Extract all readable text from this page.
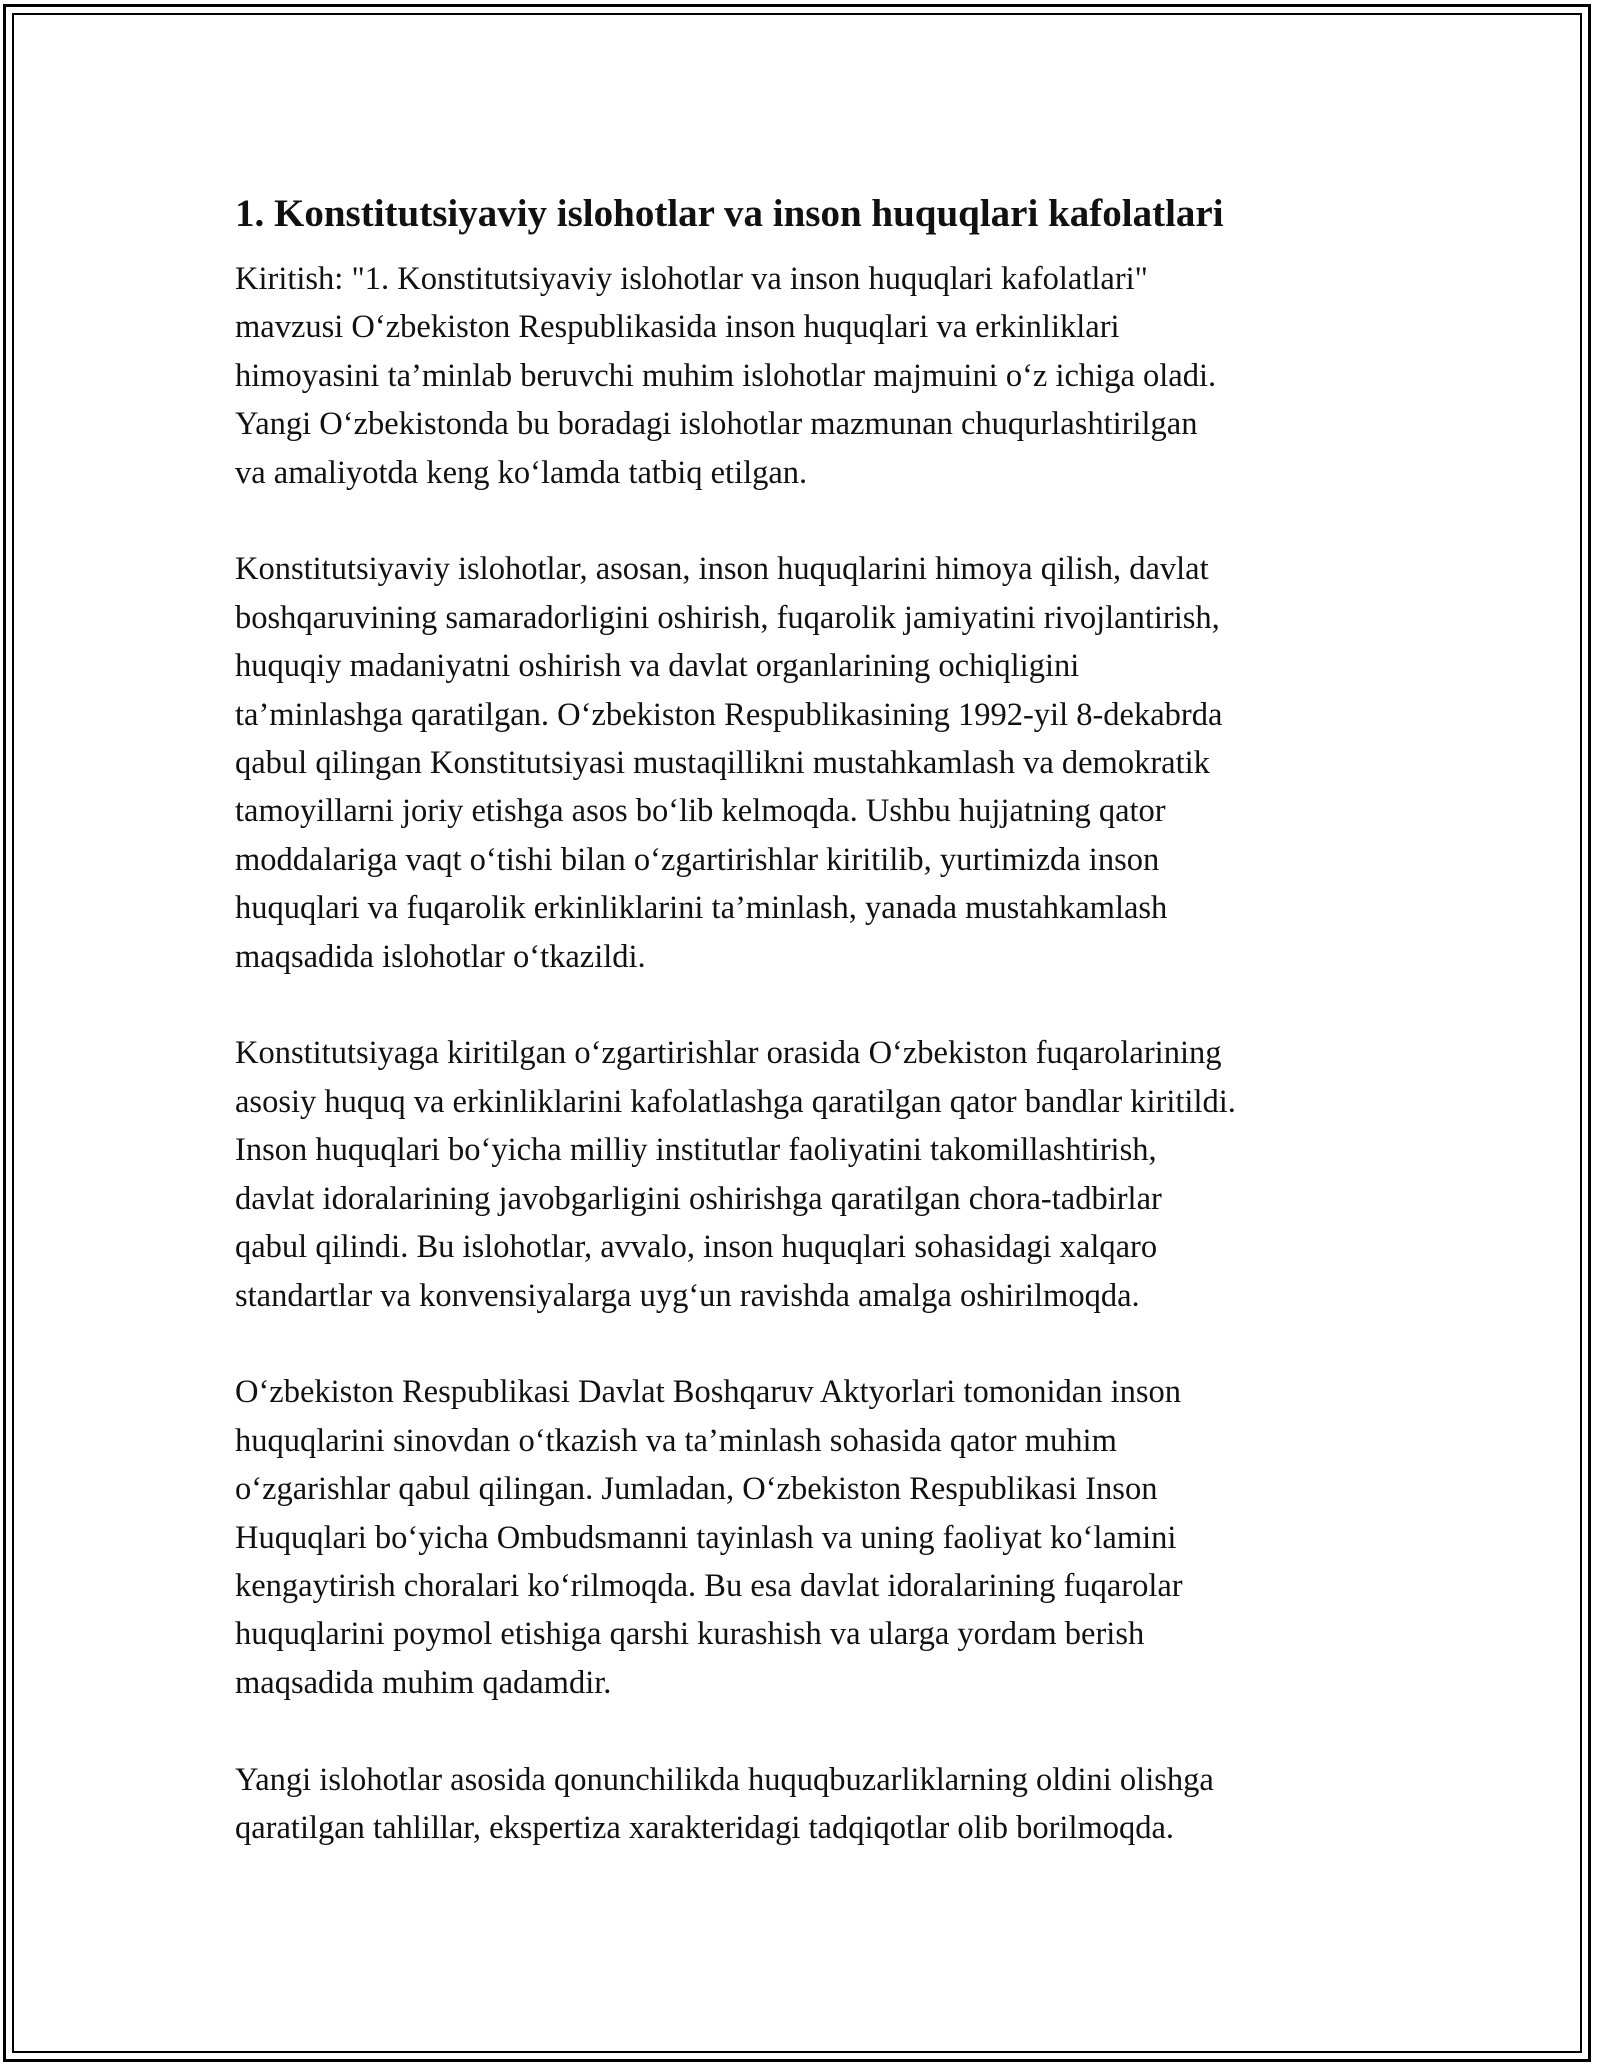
1. Konstitutsiyaviy islohotlar va inson huquqlari kafolatlari

Kiritish: "1. Konstitutsiyaviy islohotlar va inson huquqlari kafolatlari"
mavzusi O‘zbekiston Respublikasida inson huquqlari va erkinliklari
himoyasini ta’minlab beruvchi muhim islohotlar majmuini o‘z ichiga oladi.
Yangi O‘zbekistonda bu boradagi islohotlar mazmunan chuqurlashtirilgan
va amaliyotda keng ko‘lamda tatbiq etilgan.

Konstitutsiyaviy islohotlar, asosan, inson huquqlarini himoya qilish, davlat
boshqaruvining samaradorligini oshirish, fuqarolik jamiyatini rivojlantirish,
huquqiy madaniyatni oshirish va davlat organlarining ochiqligini
ta’minlashga qaratilgan. O‘zbekiston Respublikasining 1992-yil 8-dekabrda
qabul qilingan Konstitutsiyasi mustaqillikni mustahkamlash va demokratik
tamoyillarni joriy etishga asos bo‘lib kelmoqda. Ushbu hujjatning qator
moddalariga vaqt o‘tishi bilan o‘zgartirishlar kiritilib, yurtimizda inson
huquqlari va fuqarolik erkinliklarini ta’minlash, yanada mustahkamlash
maqsadida islohotlar o‘tkazildi.

Konstitutsiyaga kiritilgan o‘zgartirishlar orasida O‘zbekiston fuqarolarining
asosiy huquq va erkinliklarini kafolatlashga qaratilgan qator bandlar kiritildi.
Inson huquqlari bo‘yicha milliy institutlar faoliyatini takomillashtirish,
davlat idoralarining javobgarligini oshirishga qaratilgan chora-tadbirlar
qabul qilindi. Bu islohotlar, avvalo, inson huquqlari sohasidagi xalqaro
standartlar va konvensiyalarga uyg‘un ravishda amalga oshirilmoqda.

O‘zbekiston Respublikasi Davlat Boshqaruv Aktyorlari tomonidan inson
huquqlarini sinovdan o‘tkazish va ta’minlash sohasida qator muhim
o‘zgarishlar qabul qilingan. Jumladan, O‘zbekiston Respublikasi Inson
Huquqlari bo‘yicha Ombudsmanni tayinlash va uning faoliyat ko‘lamini
kengaytirish choralari ko‘rilmoqda. Bu esa davlat idoralarining fuqarolar
huquqlarini poymol etishiga qarshi kurashish va ularga yordam berish
maqsadida muhim qadamdir.

Yangi islohotlar asosida qonunchilikda huquqbuzarliklarning oldini olishga
qaratilgan tahlillar, ekspertiza xarakteridagi tadqiqotlar olib borilmoqda.
